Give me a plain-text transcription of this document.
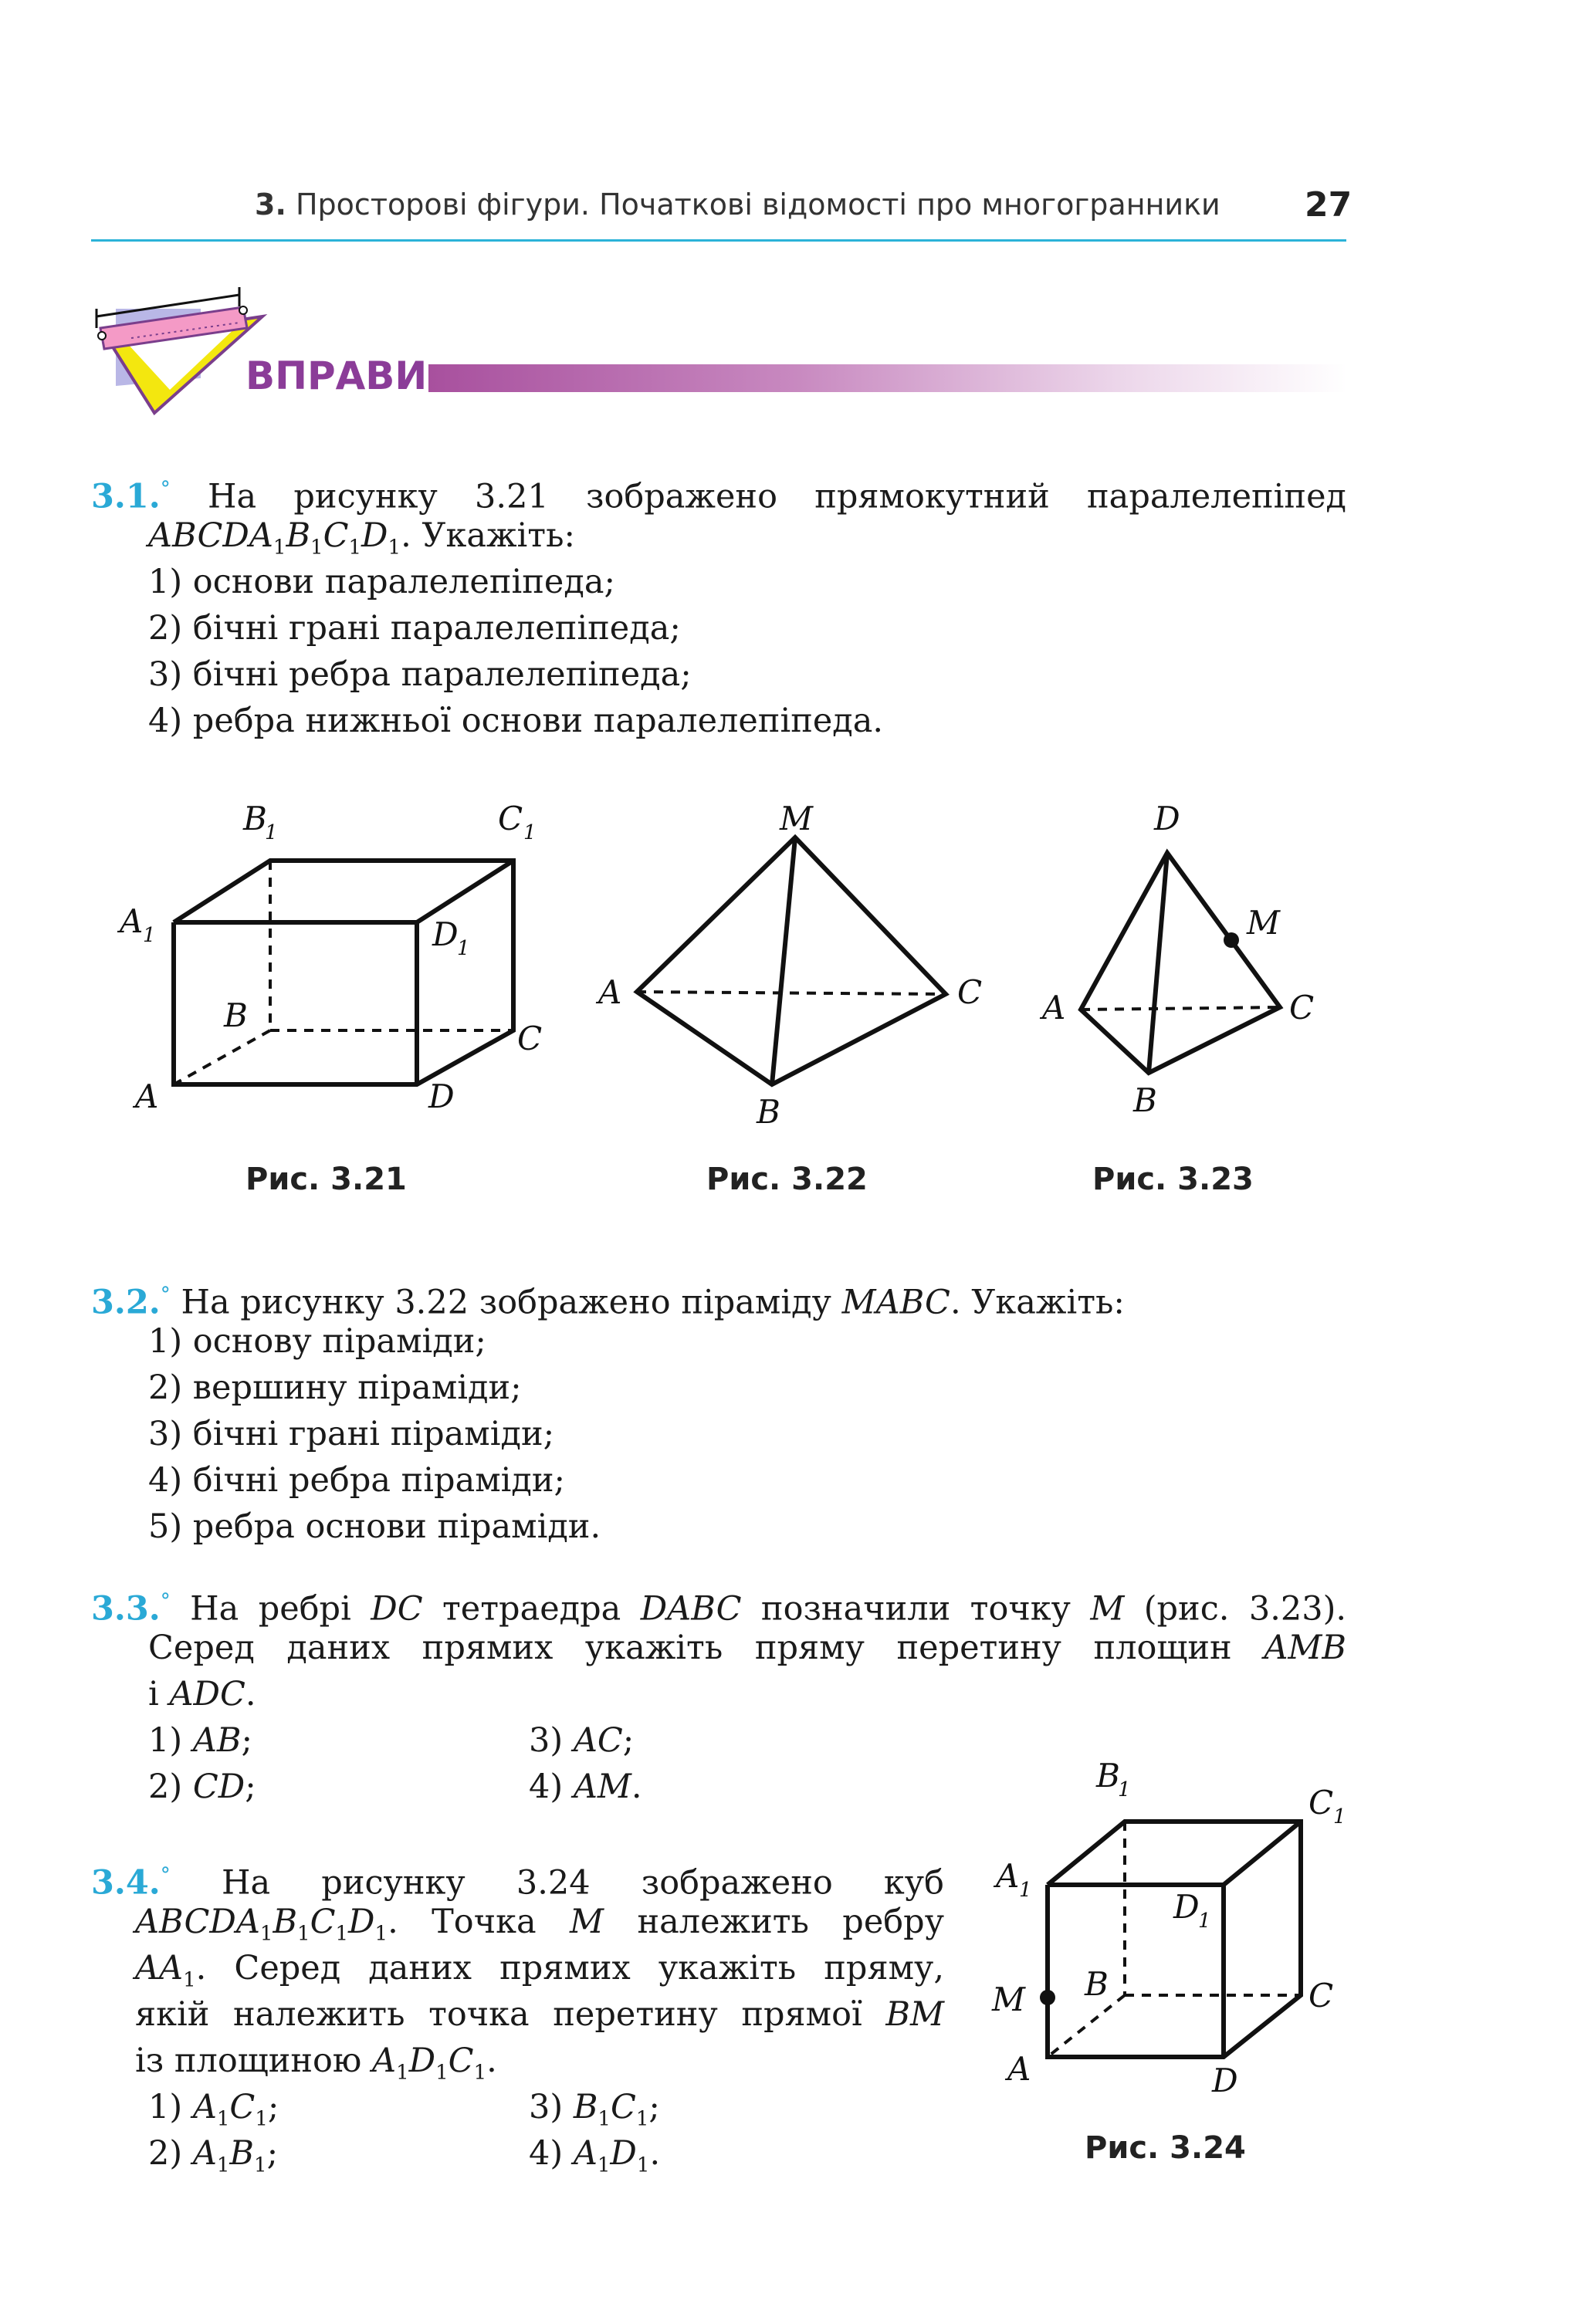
3. Просторові фігури. Початкові відомості про многогранники 27
ВПРАВИ
3.1.° На рисунку 3.21 зображено прямокутний паралелепіпед
$ABCDA_1B_1C_1D_1$. Укажіть:
1) основи паралелепіпеда;
2) бічні грані паралелепіпеда;
3) бічні ребра паралелепіпеда;
4) ребра нижньої основи паралелепіпеда.
B
1	C 1
A 1	D
1
B
C
A	D
Рис. 3.21
M
A	C
B
Рис. 3.22
D
M
A	C
B
Рис. 3.23
3.2.° На рисунку 3.22 зображено піраміду MABC. Укажіть:
1) основу піраміди;
2) вершину піраміди;
3) бічні грані піраміди;
4) бічні ребра піраміди;
5) ребра основи піраміди.
3.3.° На ребрі DC тетраедра DABC позначили точку M (рис. 3.23).
Серед даних прямих укажіть пряму перетину площин AMB
і ADC.
1) AB;	3) AC;
2) CD;	4) AM.
3.4.° На рисунку 3.24 зображено куб
$ABCDA_1B_1C_1D_1$. Точка M належить ребру
$AA_1$. Серед даних прямих укажіть пряму,
якій належить точка перетину прямої BM
із площиною $A_1D_1C_1$.
1) $A_1C_1$;	3) $B_1C_1$;
2) $A_1B_1$;	4) $A_1D_1$.
B
1	C 1
A 1	D
1
M B	C
A	D
Рис. 3.24
